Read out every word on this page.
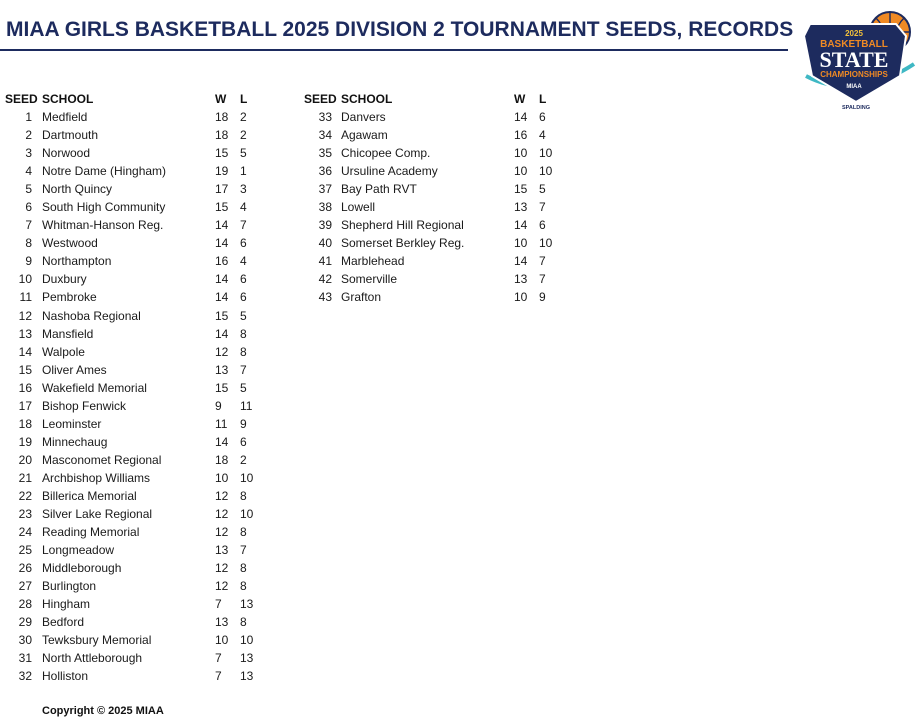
MIAA GIRLS BASKETBALL 2025 DIVISION 2 TOURNAMENT SEEDS, RECORDS	2025
BASKETBALL
STATE
CHAMPIONSHIPS
MIAA
SPALDING
SEED SCHOOL	W L
1 Medfield	18 2
2 Dartmouth	18 2
3 Norwood	15 5
4 Notre Dame (Hingham)	19 1
5 North Quincy	17 3
6 South High Community	15 4
7 Whitman-Hanson Reg.	14 7
8 Westwood	14 6
9 Northampton	16 4
10 Duxbury	14 6
11 Pembroke	14 6
12 Nashoba Regional	15 5
13 Mansfield	14 8
14 Walpole	12 8
15 Oliver Ames	13 7
16 Wakefield Memorial	15 5
17 Bishop Fenwick	9 11
18 Leominster	11 9
19 Minnechaug	14 6
20 Masconomet Regional	18 2
21 Archbishop Williams	10 10
22 Billerica Memorial	12 8
23 Silver Lake Regional	12 10
24 Reading Memorial	12 8
25 Longmeadow	13 7
26 Middleborough	12 8
27 Burlington	12 8
28 Hingham	7 13
29 Bedford	13 8
30 Tewksbury Memorial	10 10
31 North Attleborough	7 13
32 Holliston	7 13
SEED SCHOOL	W L
33 Danvers	14 6
34 Agawam	16 4
35 Chicopee Comp.	10 10
36 Ursuline Academy	10 10
37 Bay Path RVT	15 5
38 Lowell	13 7
39 Shepherd Hill Regional	14 6
40 Somerset Berkley Reg.	10 10
41 Marblehead	14 7
42 Somerville	13 7
43 Grafton	10 9
Copyright © 2025 MIAA
